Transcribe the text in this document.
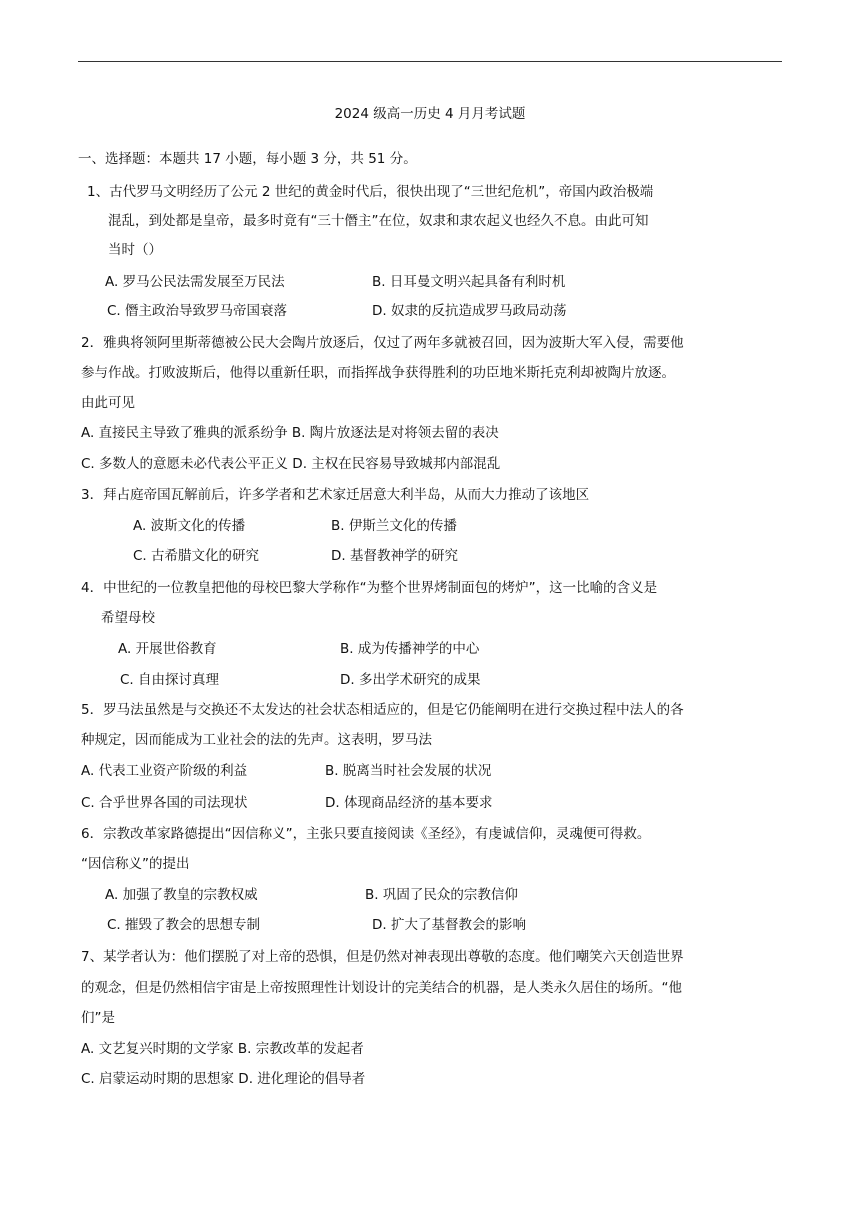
2024 级高一历史 4 月月考试题
一、选择题：本题共 17 小题，每小题 3 分，共 51 分。
1、古代罗马文明经历了公元 2 世纪的黄金时代后，很快出现了“三世纪危机”，帝国内政治极端
混乱，到处都是皇帝，最多时竟有“三十僭主”在位，奴隶和隶农起义也经久不息。由此可知
当时（）
A. 罗马公民法需发展至万民法	B. 日耳曼文明兴起具备有利时机
C. 僭主政治导致罗马帝国衰落	D. 奴隶的反抗造成罗马政局动荡
2．雅典将领阿里斯蒂德被公民大会陶片放逐后，仅过了两年多就被召回，因为波斯大军入侵，需要他
参与作战。打败波斯后，他得以重新任职，而指挥战争获得胜利的功臣地米斯托克利却被陶片放逐。
由此可见
A. 直接民主导致了雅典的派系纷争 B. 陶片放逐法是对将领去留的表决
C. 多数人的意愿未必代表公平正义 D. 主权在民容易导致城邦内部混乱
3．拜占庭帝国瓦解前后，许多学者和艺术家迁居意大利半岛，从而大力推动了该地区
A. 波斯文化的传播	B. 伊斯兰文化的传播
C. 古希腊文化的研究	D. 基督教神学的研究
4．中世纪的一位教皇把他的母校巴黎大学称作“为整个世界烤制面包的烤炉”，这一比喻的含义是
希望母校
A. 开展世俗教育	B. 成为传播神学的中心
C. 自由探讨真理	D. 多出学术研究的成果
5．罗马法虽然是与交换还不太发达的社会状态相适应的，但是它仍能阐明在进行交换过程中法人的各
种规定，因而能成为工业社会的法的先声。这表明，罗马法
A. 代表工业资产阶级的利益	B. 脱离当时社会发展的状况
C. 合乎世界各国的司法现状	D. 体现商品经济的基本要求
6．宗教改革家路德提出“因信称义”，主张只要直接阅读《圣经》，有虔诚信仰，灵魂便可得救。
“因信称义”的提出
A. 加强了教皇的宗教权威	B. 巩固了民众的宗教信仰
C. 摧毁了教会的思想专制	D. 扩大了基督教会的影响
7、某学者认为：他们摆脱了对上帝的恐惧，但是仍然对神表现出尊敬的态度。他们嘲笑六天创造世界
的观念，但是仍然相信宇宙是上帝按照理性计划设计的完美结合的机器，是人类永久居住的场所。“他
们”是
A. 文艺复兴时期的文学家 B. 宗教改革的发起者
C. 启蒙运动时期的思想家 D. 进化理论的倡导者
